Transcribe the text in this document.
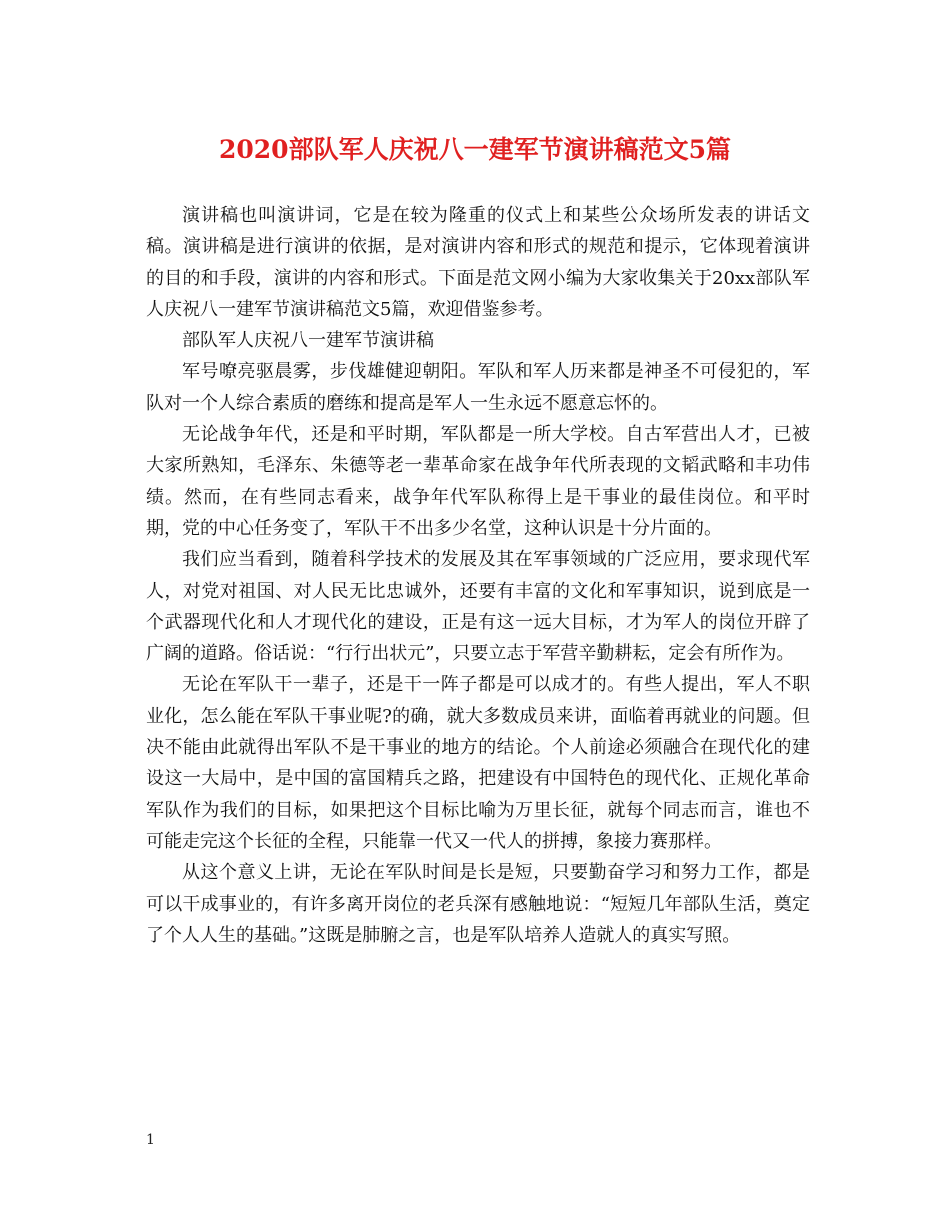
2020部队军人庆祝八一建军节演讲稿范文5篇

演讲稿也叫演讲词，它是在较为隆重的仪式上和某些公众场所发表的讲话文稿。演讲稿是进行演讲的依据，是对演讲内容和形式的规范和提示，它体现着演讲的目的和手段，演讲的内容和形式。下面是范文网小编为大家收集关于20xx部队军人庆祝八一建军节演讲稿范文5篇，欢迎借鉴参考。

部队军人庆祝八一建军节演讲稿

军号嘹亮驱晨雾，步伐雄健迎朝阳。军队和军人历来都是神圣不可侵犯的，军队对一个人综合素质的磨练和提高是军人一生永远不愿意忘怀的。

无论战争年代，还是和平时期，军队都是一所大学校。自古军营出人才，已被大家所熟知，毛泽东、朱德等老一辈革命家在战争年代所表现的文韬武略和丰功伟绩。然而，在有些同志看来，战争年代军队称得上是干事业的最佳岗位。和平时期，党的中心任务变了，军队干不出多少名堂，这种认识是十分片面的。

我们应当看到，随着科学技术的发展及其在军事领域的广泛应用，要求现代军人，对党对祖国、对人民无比忠诚外，还要有丰富的文化和军事知识，说到底是一个武器现代化和人才现代化的建设，正是有这一远大目标，才为军人的岗位开辟了广阔的道路。俗话说：“行行出状元”，只要立志于军营辛勤耕耘，定会有所作为。

无论在军队干一辈子，还是干一阵子都是可以成才的。有些人提出，军人不职业化，怎么能在军队干事业呢?的确，就大多数成员来讲，面临着再就业的问题。但决不能由此就得出军队不是干事业的地方的结论。个人前途必须融合在现代化的建设这一大局中，是中国的富国精兵之路，把建设有中国特色的现代化、正规化革命军队作为我们的目标，如果把这个目标比喻为万里长征，就每个同志而言，谁也不可能走完这个长征的全程，只能靠一代又一代人的拼搏，象接力赛那样。

从这个意义上讲，无论在军队时间是长是短，只要勤奋学习和努力工作，都是可以干成事业的，有许多离开岗位的老兵深有感触地说：“短短几年部队生活，奠定了个人人生的基础。”这既是肺腑之言，也是军队培养人造就人的真实写照。

1
